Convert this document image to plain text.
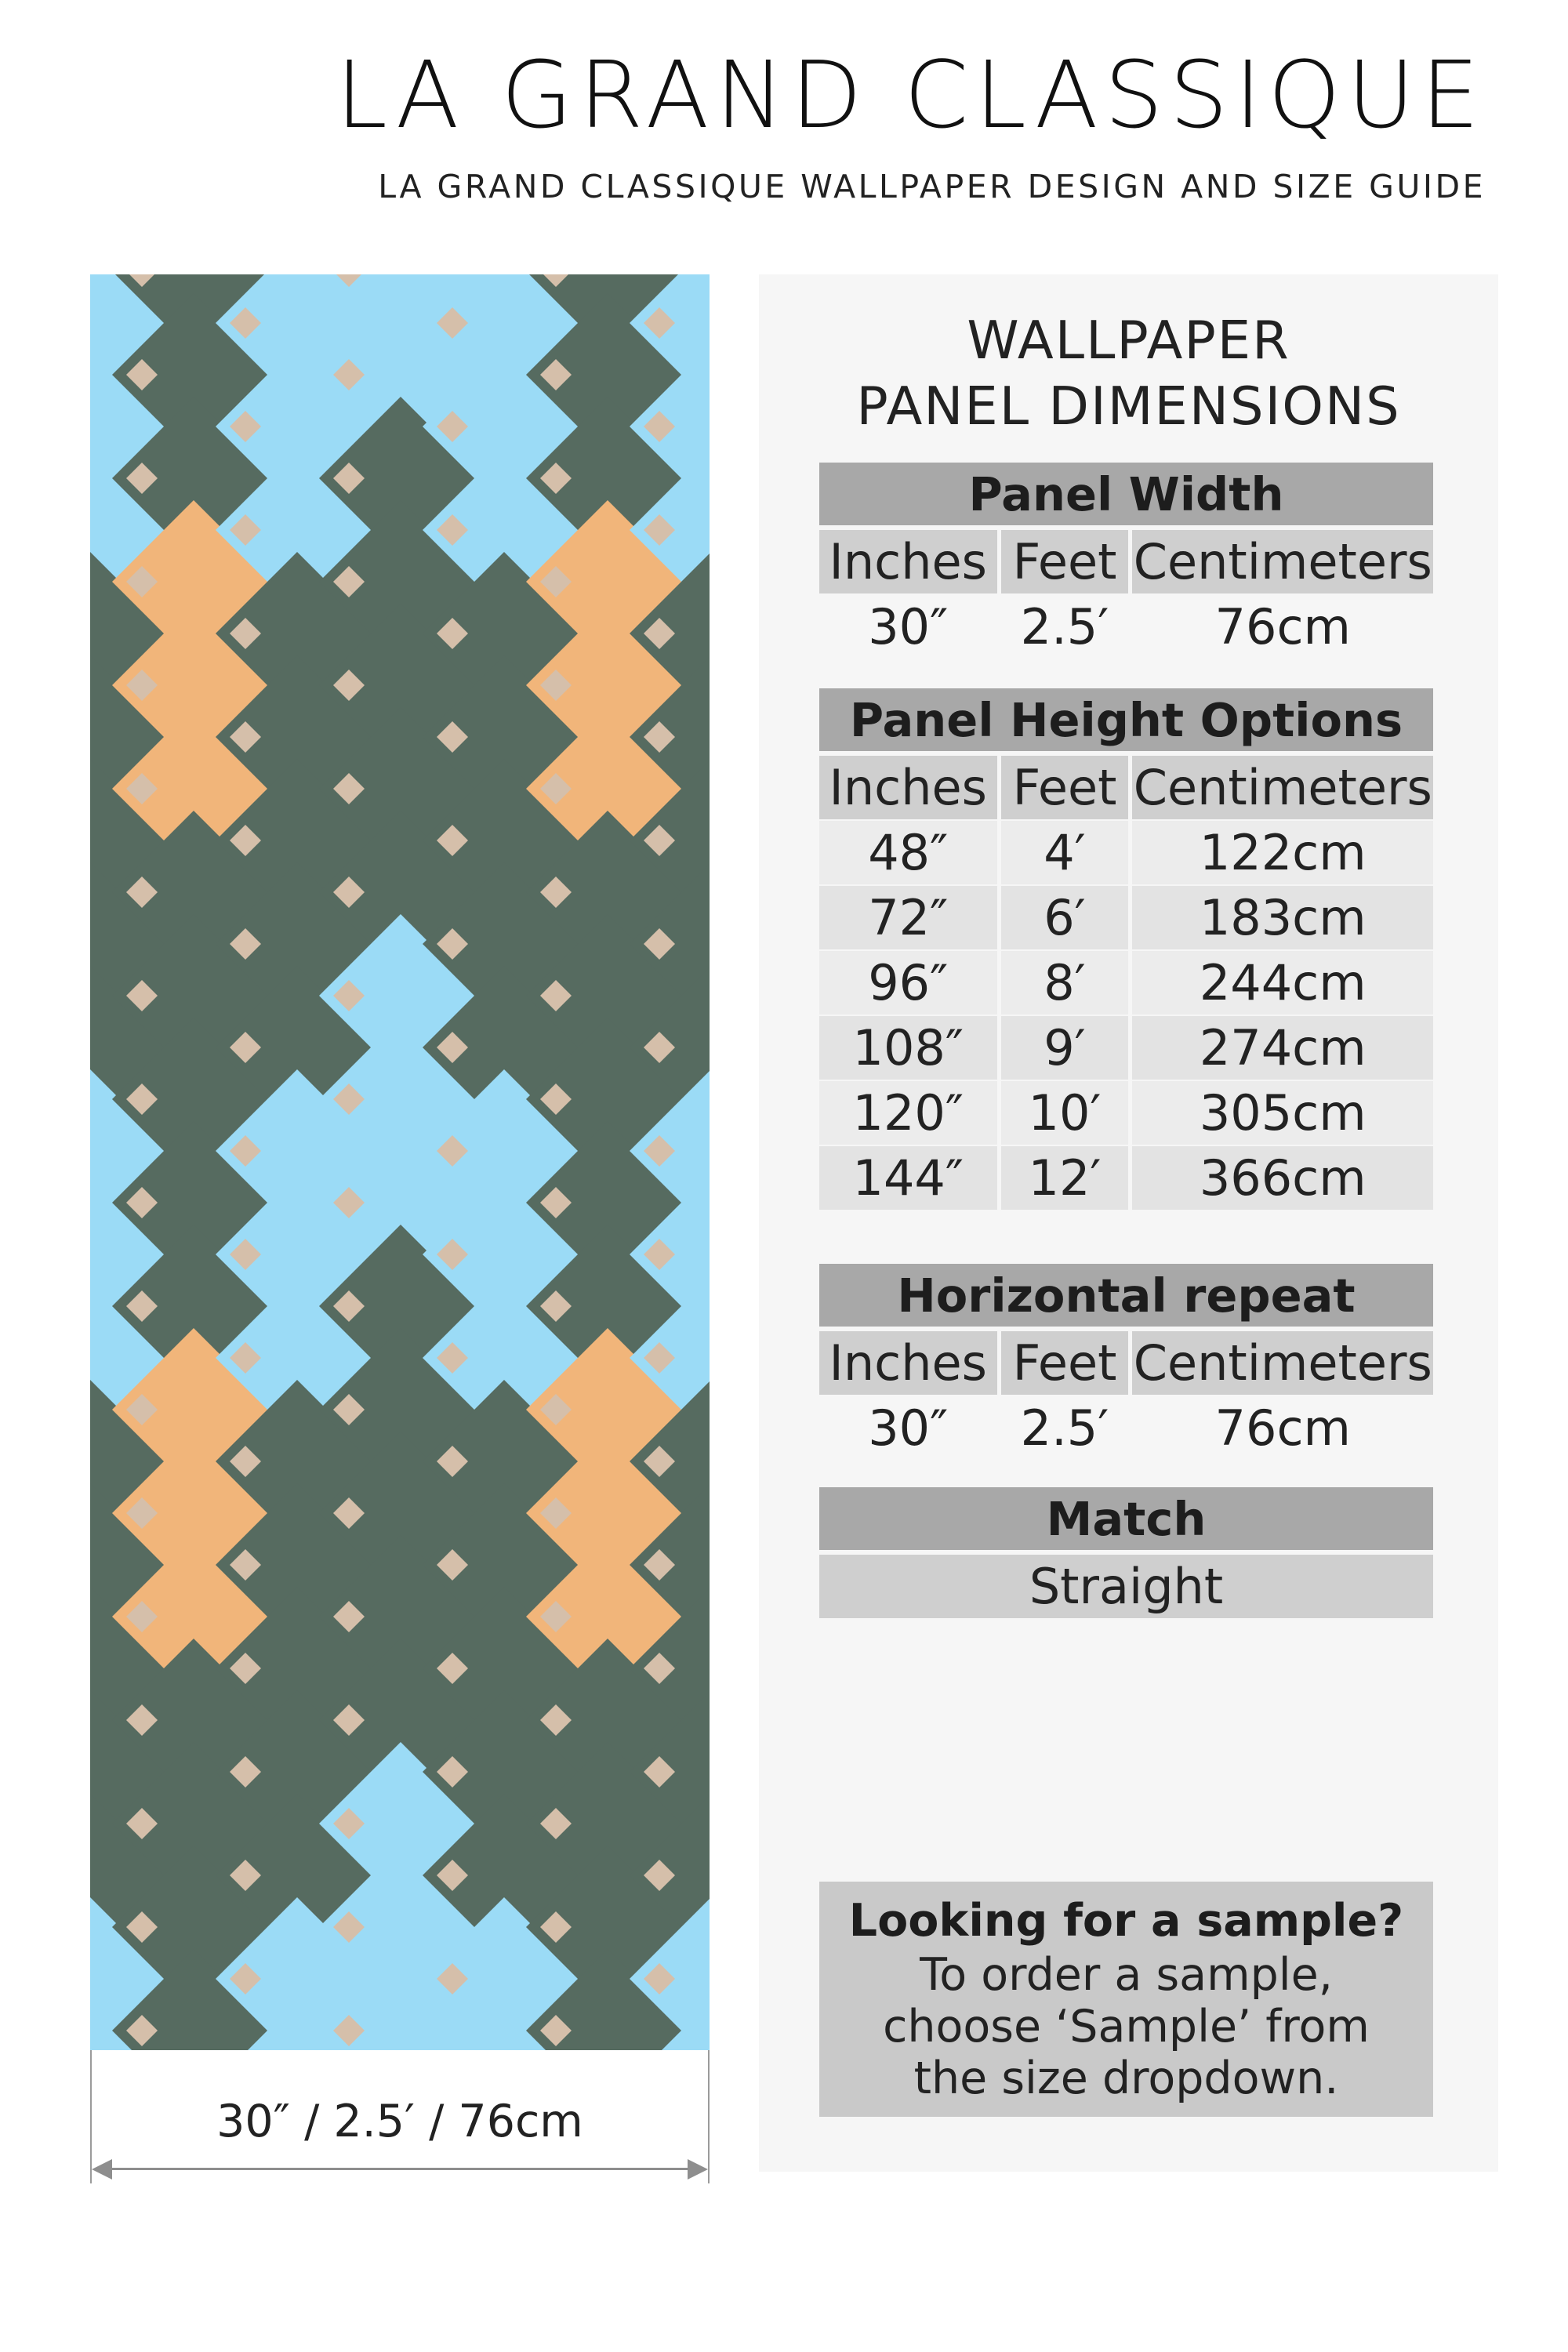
LA GRAND CLASSIQUE
LA GRAND CLASSIQUE WALLPAPER DESIGN AND SIZE GUIDE
30″ / 2.5′ / 76cm
WALLPAPER
PANEL DIMENSIONS
Panel Width
Inches Feet Centimeters
30″	2.5′	76cm
Panel Height Options
Inches Feet Centimeters
48″	4′	122cm
72″	6′	183cm
96″	8′	244cm
108″	9′	274cm
120″	10′	305cm
144″	12′	366cm
Horizontal repeat
Inches Feet Centimeters
30″	2.5′	76cm
Match
Straight
Looking for a sample?
To order a sample,
choose ‘Sample’ from
the size dropdown.
